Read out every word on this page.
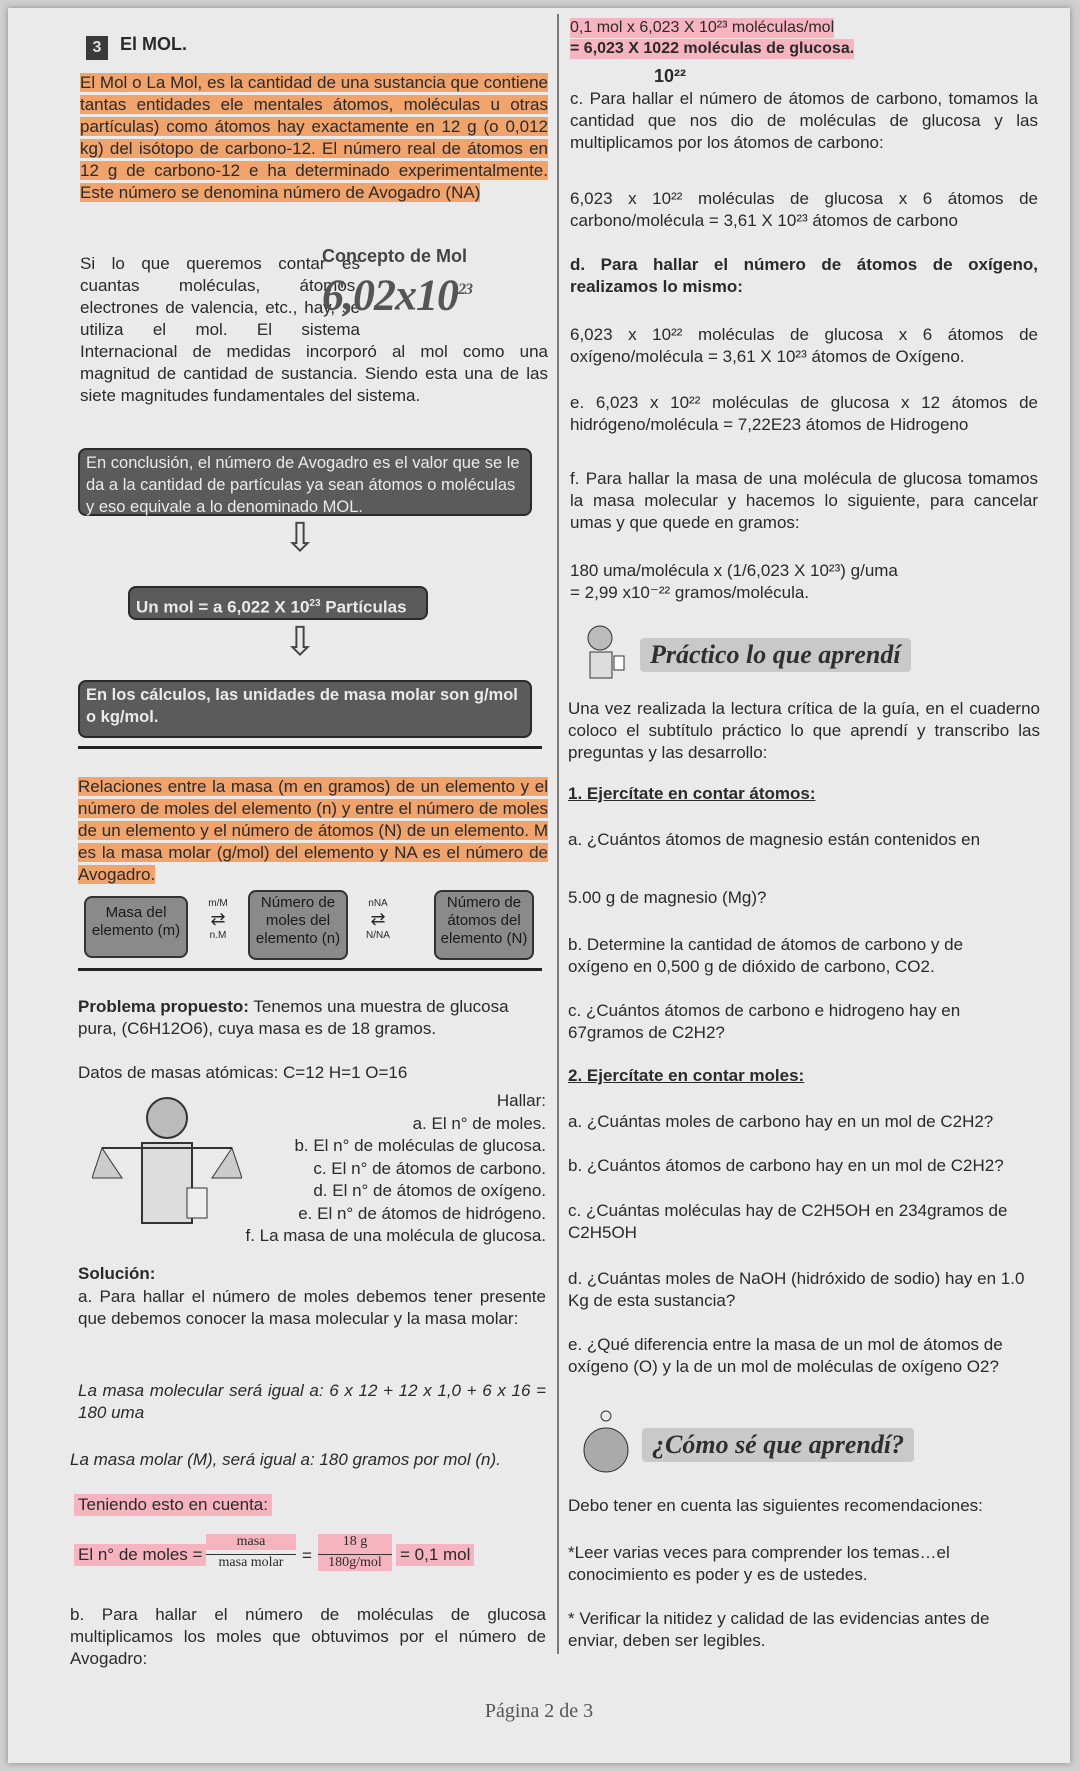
3	El MOL.

El Mol o La Mol, es la cantidad de una sustancia que contiene tantas entidades ele mentales átomos, moléculas u otras partículas) como átomos hay exactamente en 12 g (o 0,012 kg) del isótopo de carbono-12. El número real de átomos en 12 g de carbono-12 e ha determinado experimentalmente. Este número se denomina número de Avogadro (NA)

Si lo que queremos contar es cuantas moléculas, átomos, electrones de valencia, etc., hay, se utiliza el mol. El sistema Internacional de medidas incorporó al mol como una magnitud de cantidad de sustancia. Siendo esta una de las siete magnitudes fundamentales del sistema.

Concepto de Mol
$6,02x10^{23}$
En conclusión, el número de Avogadro es el valor que se le da a la cantidad de partículas ya sean átomos o moléculas y eso equivale a lo denominado MOL.
⇩
Un mol = a 6,022 X $10^{23}$ Partículas
⇩
En los cálculos, las unidades de masa molar son g/mol o kg/mol.

Relaciones entre la masa (m en gramos) de un elemento y el número de moles del elemento (n) y entre el número de moles de un elemento y el número de átomos (N) de un elemento. M es la masa molar (g/mol) del elemento y NA es el número de Avogadro.

Masa del elemento (m)
m/M
⇄
n.M
Número de moles del elemento (n)
nNA
⇄
N/NA
Número de átomos del elemento (N)

Problema propuesto: Tenemos una muestra de glucosa pura, (C6H12O6), cuya masa es de 18 gramos.

Datos de masas atómicas: C=12 H=1 O=16

Hallar:
a. El n° de moles.
b. El n° de moléculas de glucosa.
c. El n° de átomos de carbono.
d. El n° de átomos de oxígeno.
e. El n° de átomos de hidrógeno.
f. La masa de una molécula de glucosa.

Solución:

a. Para hallar el número de moles debemos tener presente que debemos conocer la masa molecular y la masa molar:

La masa molecular será igual a: 6 x 12 + 12 x 1,0 + 6 x 16 = 180 uma

La masa molar (M), será igual a: 180 gramos por mol (n).

Teniendo esto en cuenta:

El n° de moles =
masa
masa molar	=
18 g
180g/mol	= 0,1 mol

b. Para hallar el número de moléculas de glucosa multiplicamos los moles que obtuvimos por el número de Avogadro:

0,1 mol x 6,023 X 10²³ moléculas/mol

= 6,023 X 1022 moléculas de glucosa.

10²²

c. Para hallar el número de átomos de carbono, tomamos la cantidad que nos dio de moléculas de glucosa y las multiplicamos por los átomos de carbono:

6,023 x 10²² moléculas de glucosa x 6 átomos de carbono/molécula = 3,61 X 10²³ átomos de carbono

d. Para hallar el número de átomos de oxígeno, realizamos lo mismo:

6,023 x 10²² moléculas de glucosa x 6 átomos de oxígeno/molécula = 3,61 X 10²³ átomos de Oxígeno.

e. 6,023 x 10²² moléculas de glucosa x 12 átomos de hidrógeno/molécula = 7,22E23 átomos de Hidrogeno

f. Para hallar la masa de una molécula de glucosa tomamos la masa molecular y hacemos lo siguiente, para cancelar umas y que quede en gramos:

180 uma/molécula x (1/6,023 X 10²³) g/uma

= 2,99 x10⁻²² gramos/molécula.

Práctico lo que aprendí

Una vez realizada la lectura crítica de la guía, en el cuaderno coloco el subtítulo práctico lo que aprendí y transcribo las preguntas y las desarrollo:

1. Ejercítate en contar átomos:

a. ¿Cuántos átomos de magnesio están contenidos en

5.00 g de magnesio (Mg)?

b. Determine la cantidad de átomos de carbono y de oxígeno en 0,500 g de dióxido de carbono, CO2.

c. ¿Cuántos átomos de carbono e hidrogeno hay en 67gramos de C2H2?

2. Ejercítate en contar moles:

a. ¿Cuántas moles de carbono hay en un mol de C2H2?

b. ¿Cuántos átomos de carbono hay en un mol de C2H2?

c. ¿Cuántas moléculas hay de C2H5OH en 234gramos de C2H5OH

d. ¿Cuántas moles de NaOH (hidróxido de sodio) hay en 1.0 Kg de esta sustancia?

e. ¿Qué diferencia entre la masa de un mol de átomos de oxígeno (O) y la de un mol de moléculas de oxígeno O2?

¿Cómo sé que aprendí?

Debo tener en cuenta las siguientes recomendaciones:

*Leer varias veces para comprender los temas…el conocimiento es poder y es de ustedes.

* Verificar la nitidez y calidad de las evidencias antes de enviar, deben ser legibles.

Página 2 de 3
